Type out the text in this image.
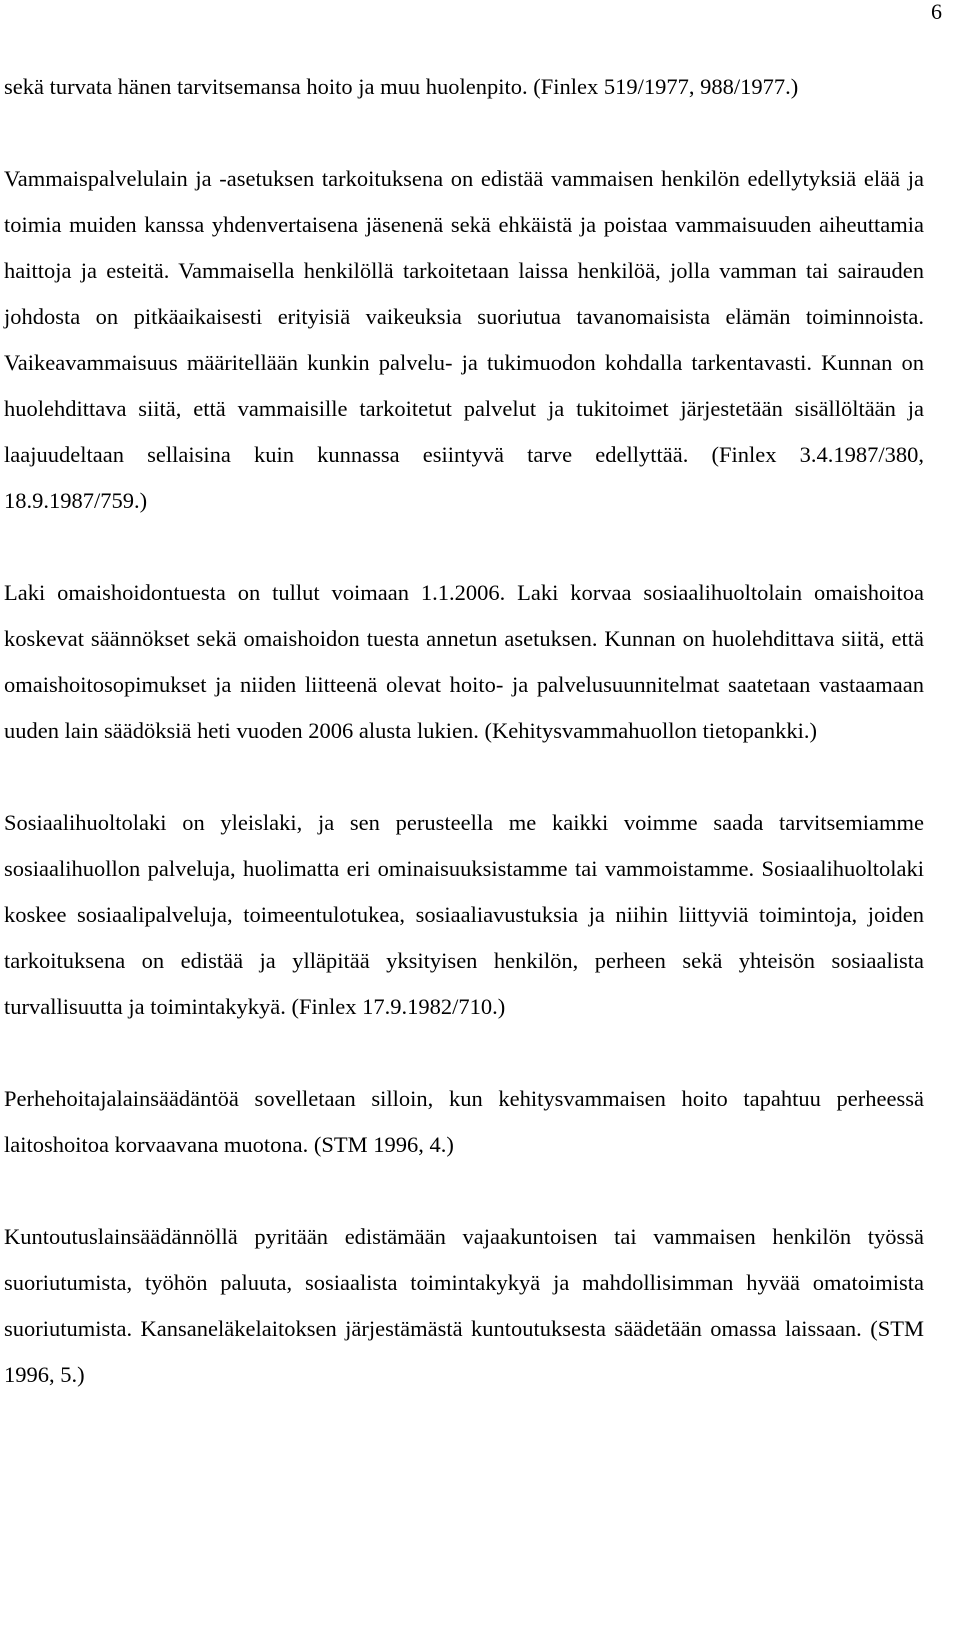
6

sekä turvata hänen tarvitsemansa hoito ja muu huolenpito. (Finlex 519/1977, 988/1977.)

Vammaispalvelulain ja -asetuksen tarkoituksena on edistää vammaisen henkilön edellytyksiä elää ja toimia muiden kanssa yhdenvertaisena jäsenenä sekä ehkäistä ja poistaa vammaisuuden aiheuttamia haittoja ja esteitä. Vammaisella henkilöllä tarkoitetaan laissa henkilöä, jolla vamman tai sairauden johdosta on pitkäaikaisesti erityisiä vaikeuksia suoriutua tavanomaisista elämän toiminnoista. Vaikeavammaisuus määritellään kunkin palvelu- ja tukimuodon kohdalla tarkentavasti. Kunnan on huolehdittava siitä, että vammaisille tarkoitetut palvelut ja tukitoimet järjestetään sisällöltään ja laajuudeltaan sellaisina kuin kunnassa esiintyvä tarve edellyttää. (Finlex 3.4.1987/380, 18.9.1987/759.)

Laki omaishoidontuesta on tullut voimaan 1.1.2006. Laki korvaa sosiaalihuoltolain omaishoitoa koskevat säännökset sekä omaishoidon tuesta annetun asetuksen. Kunnan on huolehdittava siitä, että omaishoitosopimukset ja niiden liitteenä olevat hoito- ja palvelusuunnitelmat saatetaan vastaamaan uuden lain säädöksiä heti vuoden 2006 alusta lukien. (Kehitysvammahuollon tietopankki.)

Sosiaalihuoltolaki on yleislaki, ja sen perusteella me kaikki voimme saada tarvitsemiamme sosiaalihuollon palveluja, huolimatta eri ominaisuuksistamme tai vammoistamme. Sosiaalihuoltolaki koskee sosiaalipalveluja, toimeentulotukea, sosiaaliavustuksia ja niihin liittyviä toimintoja, joiden tarkoituksena on edistää ja ylläpitää yksityisen henkilön, perheen sekä yhteisön sosiaalista turvallisuutta ja toimintakykyä. (Finlex 17.9.1982/710.)

Perhehoitajalainsäädäntöä sovelletaan silloin, kun kehitysvammaisen hoito tapahtuu perheessä laitoshoitoa korvaavana muotona. (STM 1996, 4.)

Kuntoutuslainsäädännöllä pyritään edistämään vajaakuntoisen tai vammaisen henkilön työssä suoriutumista, työhön paluuta, sosiaalista toimintakykyä ja mahdollisimman hyvää omatoimista suoriutumista. Kansaneläkelaitoksen järjestämästä kuntoutuksesta säädetään omassa laissaan. (STM 1996, 5.)
